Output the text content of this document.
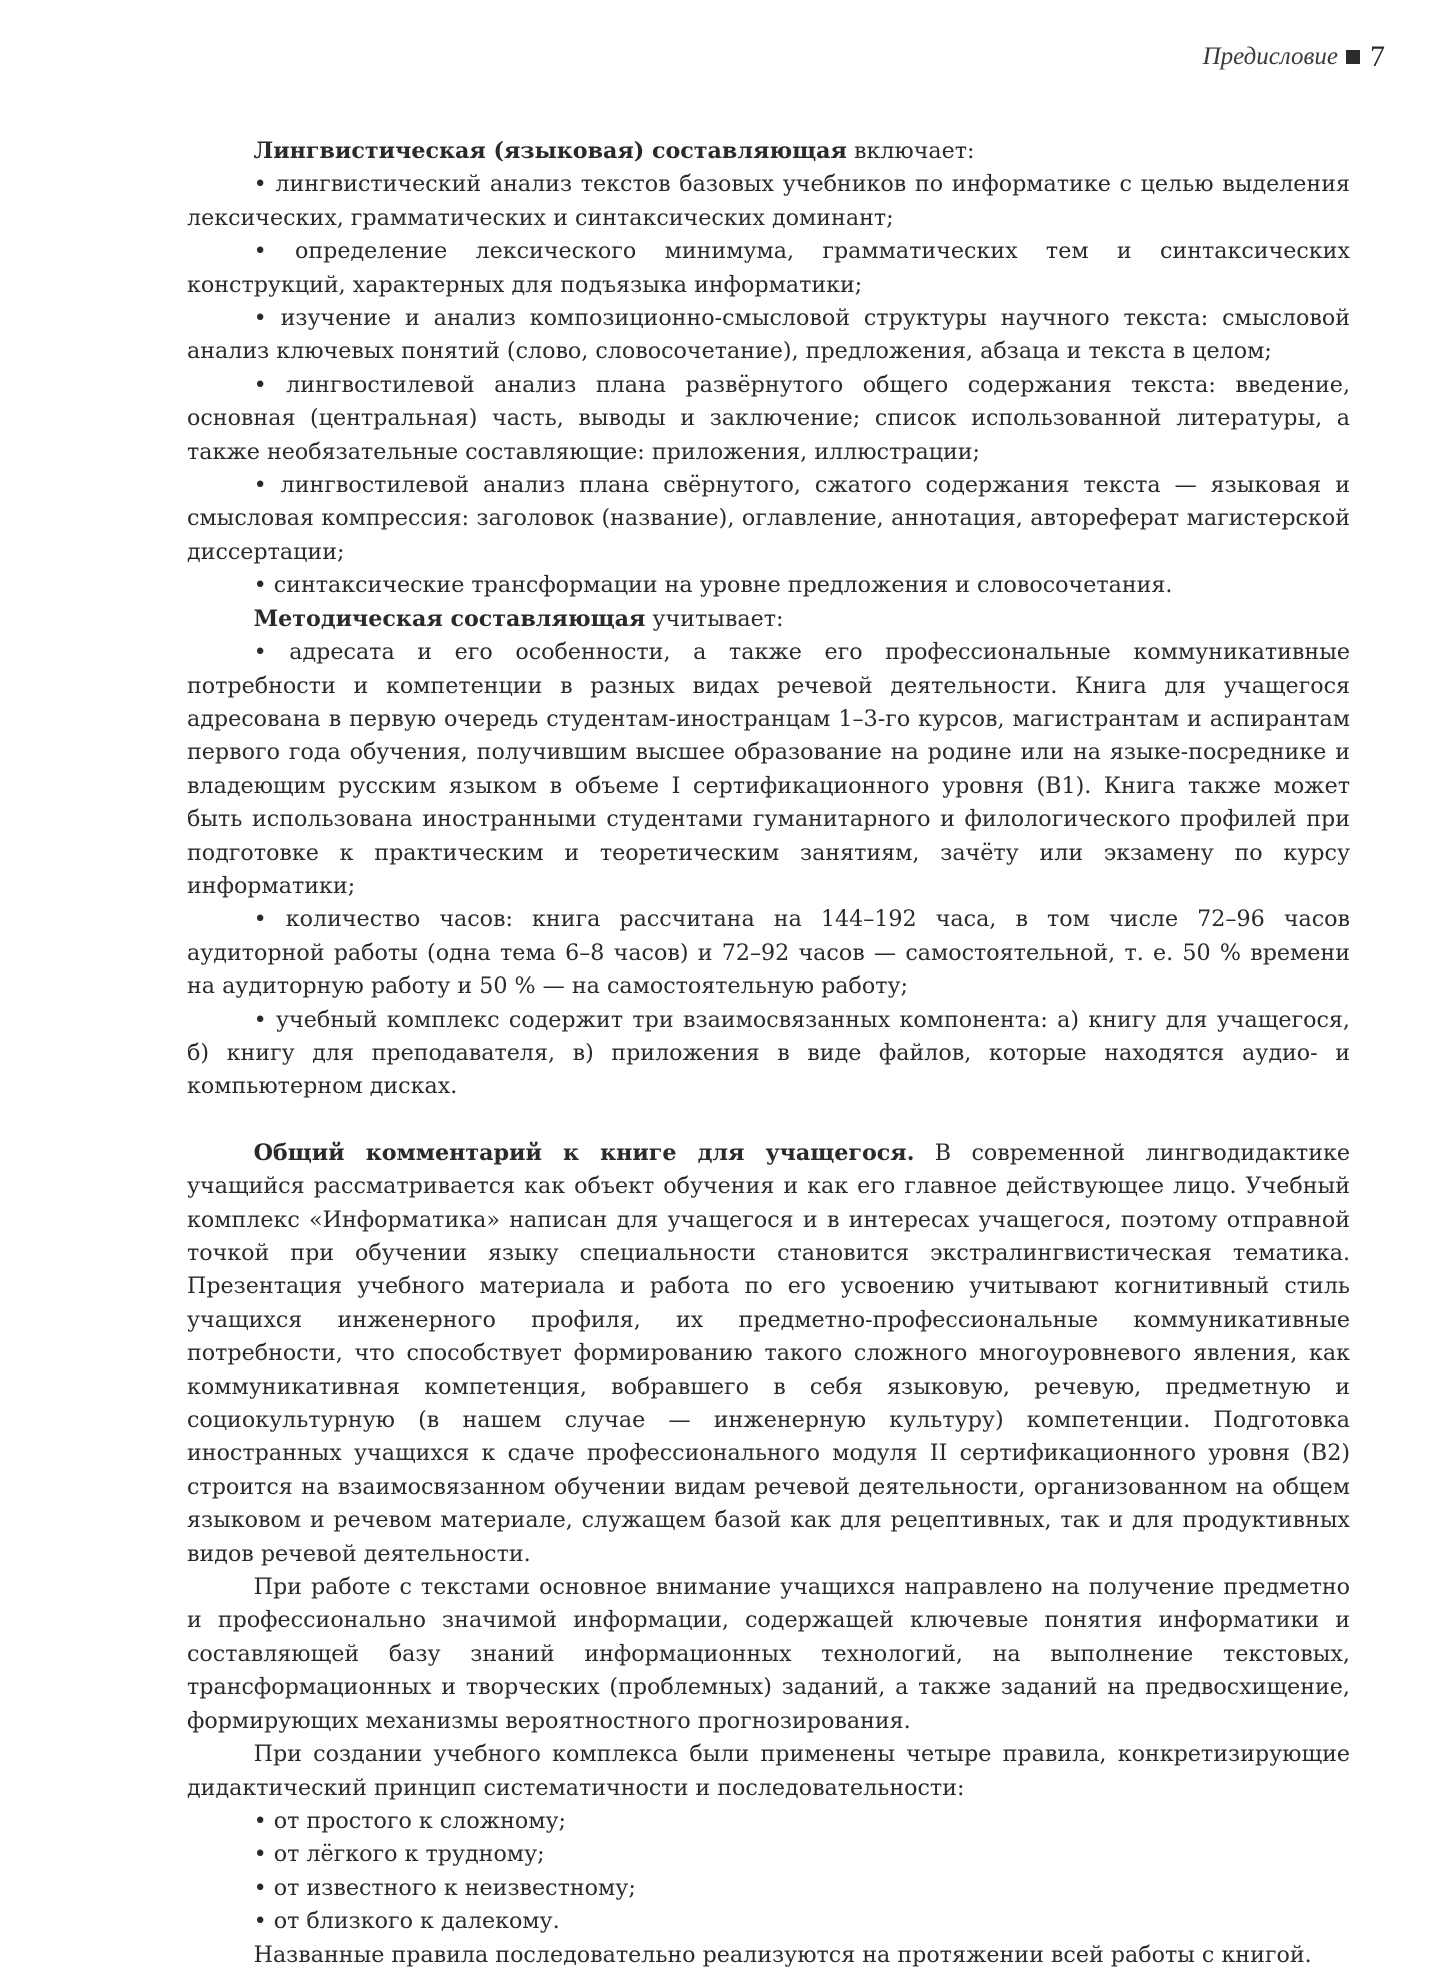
Предисловие 7

Лингвистическая (языковая) составляющая включает:

• лингвистический анализ текстов базовых учебников по информатике с целью выделения лексических, грамматических и синтаксических доминант;

• определение лексического минимума, грамматических тем и синтаксических конструкций, характерных для подъязыка информатики;

• изучение и анализ композиционно-смысловой структуры научного текста: смысловой анализ ключевых понятий (слово, словосочетание), предложения, абзаца и текста в целом;

• лингвостилевой анализ плана развёрнутого общего содержания текста: введение, основная (центральная) часть, выводы и заключение; список использованной литературы, а также необязательные составляющие: приложения, иллюстрации;

• лингвостилевой анализ плана свёрнутого, сжатого содержания текста — языковая и смысловая компрессия: заголовок (название), оглавление, аннотация, автореферат магистерской диссертации;

• синтаксические трансформации на уровне предложения и словосочетания.

Методическая составляющая учитывает:

• адресата и его особенности, а также его профессиональные коммуникативные потребности и компетенции в разных видах речевой деятельности. Книга для учащегося адресована в первую очередь студентам-иностранцам 1–3-го курсов, магистрантам и аспирантам первого года обучения, получившим высшее образование на родине или на языке-посреднике и владеющим русским языком в объеме I сертификационного уровня (В1). Книга также может быть использована иностранными студентами гуманитарного и филологического профилей при подготовке к практическим и теоретическим занятиям, зачёту или экзамену по курсу информатики;

• количество часов: книга рассчитана на 144–192 часа, в том числе 72–96 часов аудиторной работы (одна тема 6–8 часов) и 72–92 часов — самостоятельной, т. е. 50 % времени на аудиторную работу и 50 % — на самостоятельную работу;

• учебный комплекс содержит три взаимосвязанных компонента: а) книгу для учащегося, б) книгу для преподавателя, в) приложения в виде файлов, которые находятся аудио- и компьютерном дисках.

Общий комментарий к книге для учащегося. В современной лингводидактике учащийся рассматривается как объект обучения и как его главное действующее лицо. Учебный комплекс «Информатика» написан для учащегося и в интересах учащегося, поэтому отправной точкой при обучении языку специальности становится экстралингвистическая тематика. Презентация учебного материала и работа по его усвоению учитывают когнитивный стиль учащихся инженерного профиля, их предметно-профессиональные коммуникативные потребности, что способствует формированию такого сложного многоуровневого явления, как коммуникативная компетенция, вобравшего в себя языковую, речевую, предметную и социокультурную (в нашем случае — инженерную культуру) компетенции. Подготовка иностранных учащихся к сдаче профессионального модуля II сертификационного уровня (В2) строится на взаимосвязанном обучении видам речевой деятельности, организованном на общем языковом и речевом материале, служащем базой как для рецептивных, так и для продуктивных видов речевой деятельности.

При работе с текстами основное внимание учащихся направлено на получение предметно и профессионально значимой информации, содержащей ключевые понятия информатики и составляющей базу знаний информационных технологий, на выполнение текстовых, трансформационных и творческих (проблемных) заданий, а также заданий на предвосхищение, формирующих механизмы вероятностного прогнозирования.

При создании учебного комплекса были применены четыре правила, конкретизирующие дидактический принцип систематичности и последовательности:

• от простого к сложному;

• от лёгкого к трудному;

• от известного к неизвестному;

• от близкого к далекому.

Названные правила последовательно реализуются на протяжении всей работы с книгой.
